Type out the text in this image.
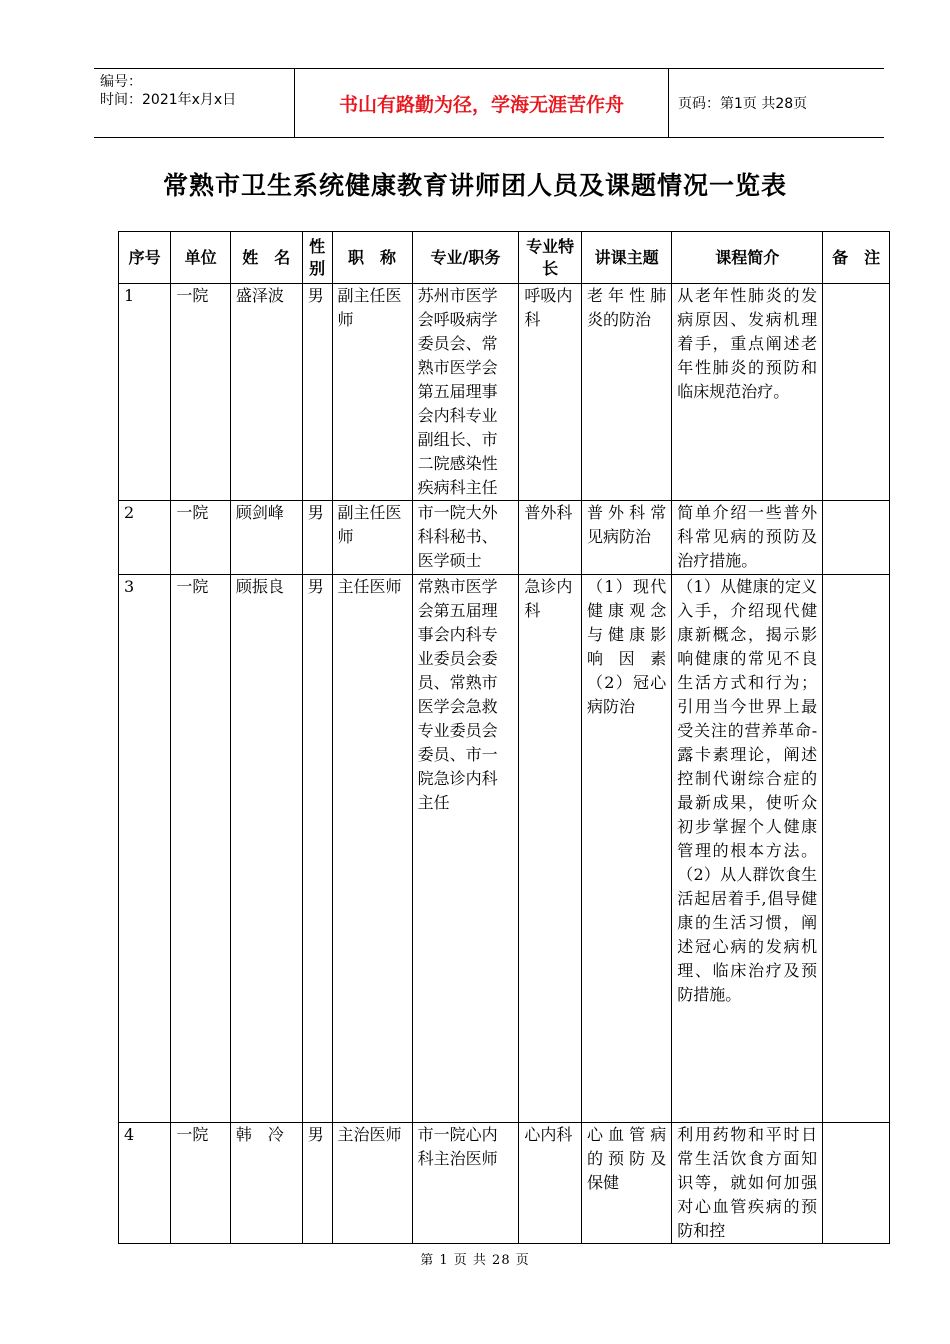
编号：
时间：2021年x月x日	书山有路勤为径，学海无涯苦作舟	页码：第1页 共28页
常熟市卫生系统健康教育讲师团人员及课题情况一览表
序号	单位	姓　名	性别	职　称	专业/职务	专业特长	讲课主题	课程简介	备　注
1	一院	盛泽波	男	副主任医师	苏州市医学会呼吸病学委员会、常熟市医学会第五届理事会内科专业副组长、市二院感染性疾病科主任	呼吸内科	老年性肺炎的防治	从老年性肺炎的发病原因、发病机理 着手，重点阐述老年性肺炎的预防和临床规范治疗。	
2	一院	顾剑峰	男	副主任医师	市一院大外科科秘书、医学硕士	普外科	普外科常见病防治	简单介绍一些普外科常见病的预防及治疗措施。	
3	一院	顾振良	男	主任医师	常熟市医学会第五届理事会内科专业委员会委员、常熟市医学会急救专业委员会委员、市一院急诊内科主任	急诊内科	（1）现代健康观念与健康影响因素（2）冠心病防治	（1）从健康的定义入手，介绍现代健康新概念，揭示影响健康的常见不良生活方式和行为；引用当今世界上最受关注的营养革命-露卡素理论，阐述控制代谢综合症的最新成果，使听众初步掌握个人健康管理的根本方法。（2）从人群饮食生活起居着手,倡导健康的生活习惯，阐述冠心病的发病机理、临床治疗及预防措施。	
4	一院	韩　冷	男	主治医师	市一院心内科主治医师	心内科	心血管病的预防及保健	利用药物和平时日常生活饮食方面知识等，就如何加强对心血管疾病的预防和控	
第 1 页 共 28 页
